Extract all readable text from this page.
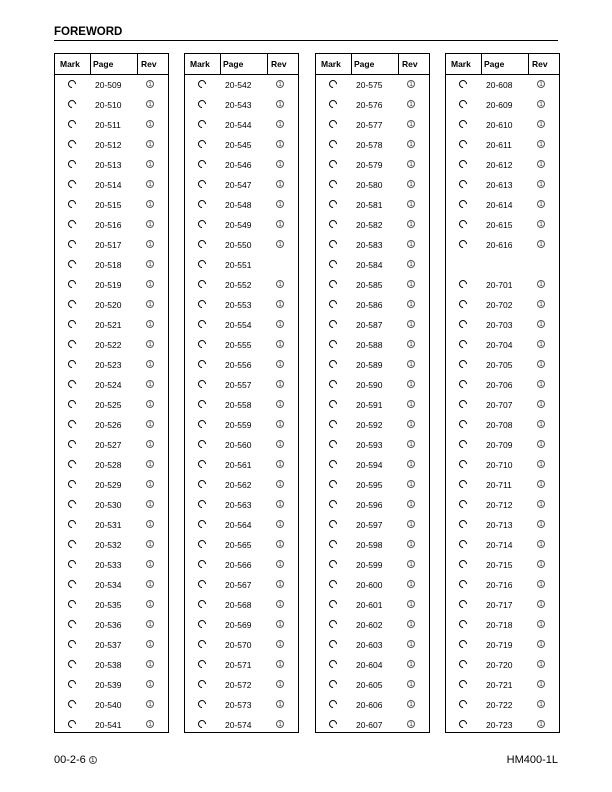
FOREWORD
Mark Page	Rev
20-509	1
20-510	1
20-511	1
20-512	1
20-513	1
20-514	1
20-515	1
20-516	1
20-517	1
20-518	1
20-519	1
20-520	1
20-521	1
20-522	1
20-523	1
20-524	1
20-525	1
20-526	1
20-527	1
20-528	1
20-529	1
20-530	1
20-531	1
20-532	1
20-533	1
20-534	1
20-535	1
20-536	1
20-537	1
20-538	1
20-539	1
20-540	1
20-541	1
Mark Page	Rev
20-542	1
20-543	1
20-544	1
20-545	1
20-546	1
20-547	1
20-548	1
20-549	1
20-550	1
20-551
20-552	1
20-553	1
20-554	1
20-555	1
20-556	1
20-557	1
20-558	1
20-559	1
20-560	1
20-561	1
20-562	1
20-563	1
20-564	1
20-565	1
20-566	1
20-567	1
20-568	1
20-569	1
20-570	1
20-571	1
20-572	1
20-573	1
20-574	1
Mark Page	Rev
20-575	1
20-576	1
20-577	1
20-578	1
20-579	1
20-580	1
20-581	1
20-582	1
20-583	1
20-584	1
20-585	1
20-586	1
20-587	1
20-588	1
20-589	1
20-590	1
20-591	1
20-592	1
20-593	1
20-594	1
20-595	1
20-596	1
20-597	1
20-598	1
20-599	1
20-600	1
20-601	1
20-602	1
20-603	1
20-604	1
20-605	1
20-606	1
20-607	1
Mark Page	Rev
20-608	1
20-609	1
20-610	1
20-611	1
20-612	1
20-613	1
20-614	1
20-615	1
20-616	1
20-701	1
20-702	1
20-703	1
20-704	1
20-705	1
20-706	1
20-707	1
20-708	1
20-709	1
20-710	1
20-711	1
20-712	1
20-713	1
20-714	1
20-715	1
20-716	1
20-717	1
20-718	1
20-719	1
20-720	1
20-721	1
20-722	1
20-723	1
00-2-6 1	HM400-1L
